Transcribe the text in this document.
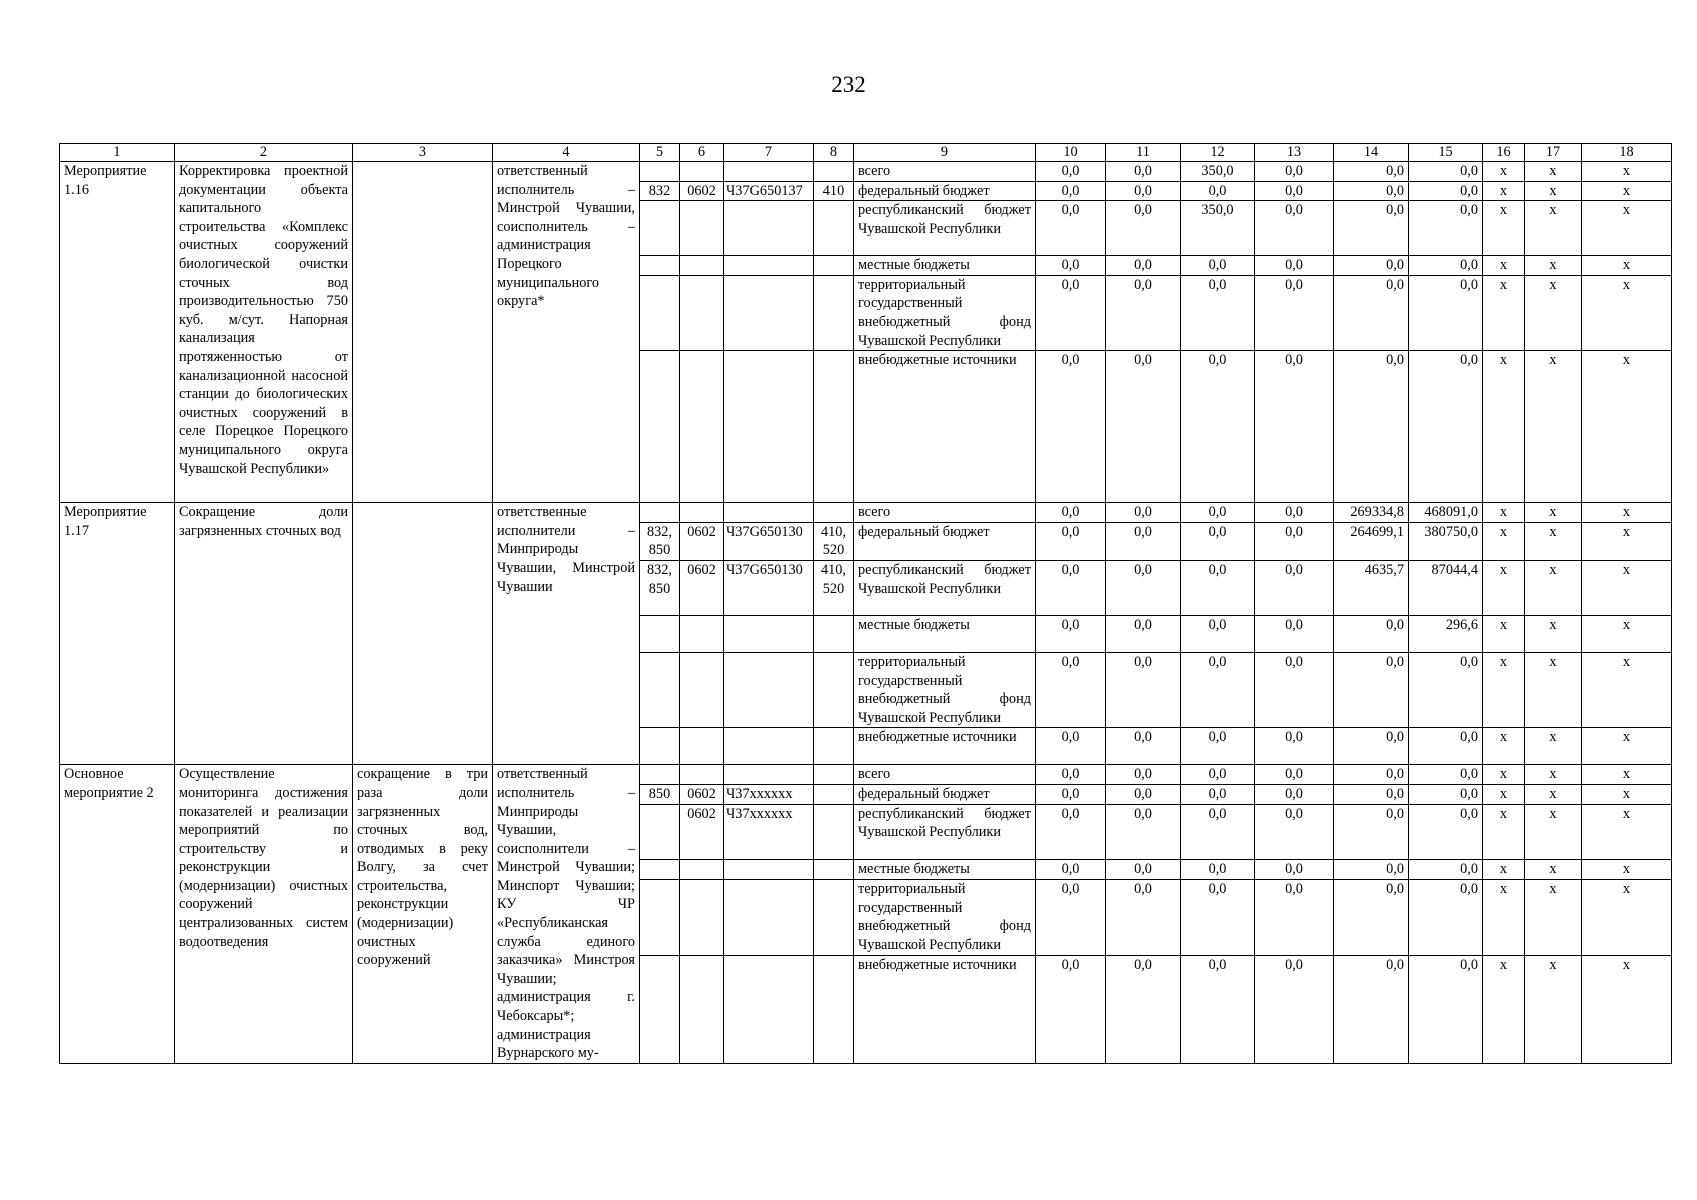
232
1	2	3	4	5	6	7	8	9	10	11	12	13	14	15	16	17	18
Мероприятие 1.16	Корректировка проектной документации объекта капитального строительства «Комплекс очистных сооружений биологической очистки сточных вод производительностью 750 куб. м/сут. Напорная канализация протяженностью от канализационной насосной станции до биологических очистных сооружений в селе Порецкое Порецкого муниципального округа Чувашской Республики»		ответственный исполнитель – Минстрой Чувашии, соисполнитель – администрация Порецкого муниципального округа*					всего	0,0	0,0	350,0	0,0	0,0	0,0	x	x	x
				832	0602	Ч37G650137	410	федеральный бюджет	0,0	0,0	0,0	0,0	0,0	0,0	x	x	x
								республиканский бюджет Чувашской Республики	0,0	0,0	350,0	0,0	0,0	0,0	x	x	x
								местные бюджеты	0,0	0,0	0,0	0,0	0,0	0,0	x	x	x
								территориальный государственный внебюджетный фонд Чувашской Республики	0,0	0,0	0,0	0,0	0,0	0,0	x	x	x
								внебюджетные источники	0,0	0,0	0,0	0,0	0,0	0,0	x	x	x
Мероприятие 1.17	Сокращение доли загрязненных сточных вод		ответственные исполнители – Минприроды Чувашии, Минстрой Чувашии					всего	0,0	0,0	0,0	0,0	269334,8	468091,0	x	x	x
				832, 850	0602	Ч37G650130	410, 520	федеральный бюджет	0,0	0,0	0,0	0,0	264699,1	380750,0	x	x	x
				832, 850	0602	Ч37G650130	410, 520	республиканский бюджет Чувашской Республики	0,0	0,0	0,0	0,0	4635,7	87044,4	x	x	x
								местные бюджеты	0,0	0,0	0,0	0,0	0,0	296,6	x	x	x
								территориальный государственный внебюджетный фонд Чувашской Республики	0,0	0,0	0,0	0,0	0,0	0,0	x	x	x
								внебюджетные источники	0,0	0,0	0,0	0,0	0,0	0,0	x	x	x
Основное мероприятие 2	Осуществление мониторинга достижения показателей и реализации мероприятий по строительству и реконструкции (модернизации) очистных сооружений централизованных систем водоотведения	сокращение в три раза доли загрязненных сточных вод, отводимых в реку Волгу, за счет строительства, реконструкции (модернизации) очистных сооружений	ответственный исполнитель – Минприроды Чувашии, соисполнители – Минстрой Чувашии; Минспорт Чувашии; КУ ЧР «Республиканская служба единого заказчика» Минстроя Чувашии; администрация г. Чебоксары*; администрация Вурнарского му-					всего	0,0	0,0	0,0	0,0	0,0	0,0	x	x	x
				850	0602	Ч37xxxxxx		федеральный бюджет	0,0	0,0	0,0	0,0	0,0	0,0	x	x	x
					0602	Ч37xxxxxx		республиканский бюджет Чувашской Республики	0,0	0,0	0,0	0,0	0,0	0,0	x	x	x
								местные бюджеты	0,0	0,0	0,0	0,0	0,0	0,0	x	x	x
								территориальный государственный внебюджетный фонд Чувашской Республики	0,0	0,0	0,0	0,0	0,0	0,0	x	x	x
								внебюджетные источники	0,0	0,0	0,0	0,0	0,0	0,0	x	x	x
